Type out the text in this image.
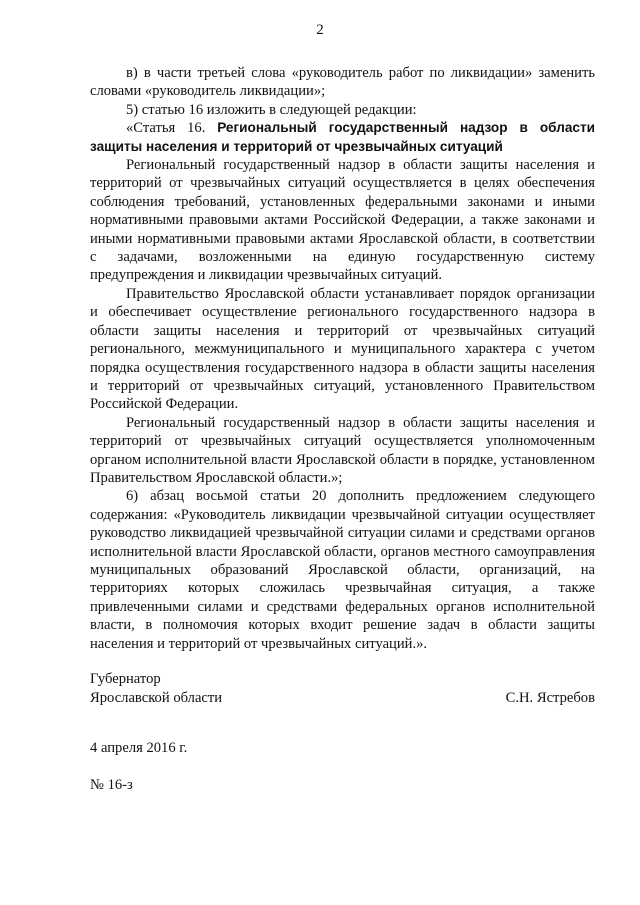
2

в) в части третьей слова «руководитель работ по ликвидации» заменить словами «руководитель ликвидации»;

5) статью 16 изложить в следующей редакции:

«Статья 16. Региональный государственный надзор в области защиты населения и территорий от чрезвычайных ситуаций

Региональный государственный надзор в области защиты населения и территорий от чрезвычайных ситуаций осуществляется в целях обеспечения соблюдения требований, установленных федеральными законами и иными нормативными правовыми актами Российской Федерации, а также законами и иными нормативными правовыми актами Ярославской области, в соответствии с задачами, возложенными на единую государственную систему предупреждения и ликвидации чрезвычайных ситуаций.

Правительство Ярославской области устанавливает порядок организации и обеспечивает осуществление регионального государственного надзора в области защиты населения и территорий от чрезвычайных ситуаций регионального, межмуниципального и муниципального характера с учетом порядка осуществления государственного надзора в области защиты населения и территорий от чрезвычайных ситуаций, установленного Правительством Российской Федерации.

Региональный государственный надзор в области защиты населения и территорий от чрезвычайных ситуаций осуществляется уполномоченным органом исполнительной власти Ярославской области в порядке, установленном Правительством Ярославской области.»;

6) абзац восьмой статьи 20 дополнить предложением следующего содержания: «Руководитель ликвидации чрезвычайной ситуации осуществляет руководство ликвидацией чрезвычайной ситуации силами и средствами органов исполнительной власти Ярославской области, органов местного самоуправления муниципальных образований Ярославской области, организаций, на территориях которых сложилась чрезвычайная ситуация, а также привлеченными силами и средствами федеральных органов исполнительной власти, в полномочия которых входит решение задач в области защиты населения и территорий от чрезвычайных ситуаций.».

Губернатор
Ярославской области	С.Н. Ястребов
4 апреля 2016 г.
№ 16-з
